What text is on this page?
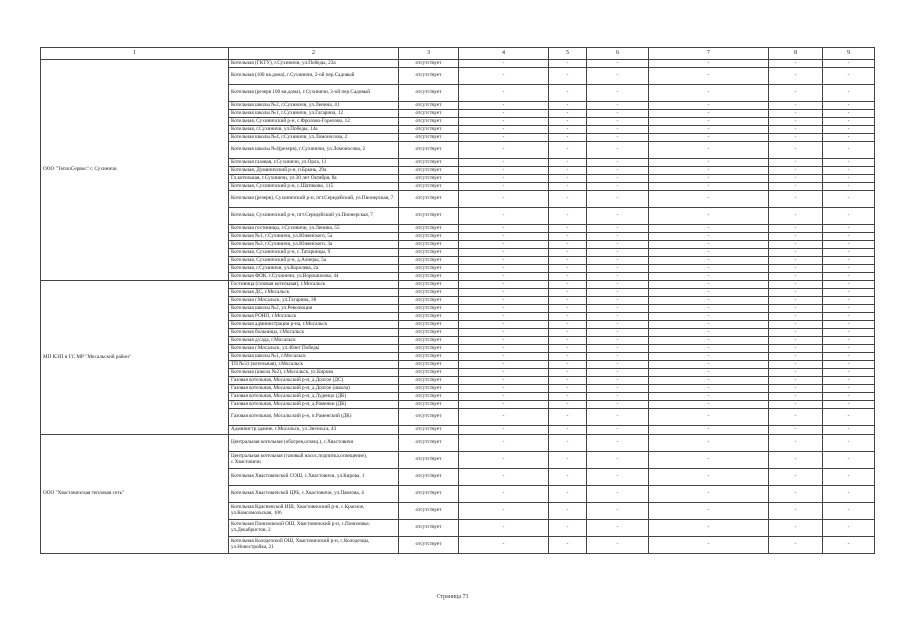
1	2	3	4	5	6	7	8	9
ООО "ТеплоСервис" г. Сухиничи	Котельная (ГКТУ), г.Сухиничи, ул.Победы, 23а	отсутствует	-	-	-	-	-	-
	Котельная (100 кв.дома), г.Сухиничи, 2-ой пер.Садовый	отсутствует	-	-	-	-	-	-
	Котельная (резерв 100 кв.дома), г.Сухиничи, 2-ой пер.Садовый	отсутствует	-	-	-	-	-	-
	Котельная школы №2, г.Сухиничи, ул.Ленина, 41	отсутствует	-	-	-	-	-	-
	Котельная школы №1, г.Сухиничи, ул.Гагарина, 12	отсутствует	-	-	-	-	-	-
	Котельная, Сухиничский р-н, с.Фролово-Горелово, 12	отсутствует	-	-	-	-	-	-
	Котельная, г.Сухиничи, ул.Победы, 14а	отсутствует	-	-	-	-	-	-
	Котельная школы №4, г.Сухиничи, ул.Ломоносова, 2	отсутствует	-	-	-	-	-	-
	Котельная школы №4(резерв), г.Сухиничи, ул.Ломоносова, 2	отсутствует	-	-	-	-	-	-
	Котельная газовая, г.Сухиничи, ул.Орла, 11	отсутствует	-	-	-	-	-	-
	Котельная, Думиничский р-н, п.Брынь, 29а	отсутствует	-	-	-	-	-	-
	Гл.котельная, г.Сухиничи, ул.30 лет Октября, 8а	отсутствует	-	-	-	-	-	-
	Котельная, Сухиничский р-н, с.Шатиково, 115	отсутствует	-	-	-	-	-	-
	Котельная (резерв), Сухиничский р-н, пгт.Середейский, ул.Пионерская, 7	отсутствует	-	-	-	-	-	-
	Котельная, Сухиничский р-н, пгт.Середейский ул.Пионерская, 7	отсутствует	-	-	-	-	-	-
	Котельная гостиницы, г.Сухиничи, ул.Ленина, 55	отсутствует	-	-	-	-	-	-
	Котельная №1, г.Сухиничи, ул.Юженского, 5а	отсутствует	-	-	-	-	-	-
	Котельная №2, г.Сухиничи, ул.Юженского, 3а	отсутствует	-	-	-	-	-	-
	Котельная, Сухиничский р-н, с.Татаринцы, 9	отсутствует	-	-	-	-	-	-
	Котельная, Сухиничский р-н, д.Алнеры, 5а	отсутствует	-	-	-	-	-	-
	Котельная, г.Сухиничи, ул.Королева, 2а	отсутствует	-	-	-	-	-	-
	Котельная ФОК, г.Сухиничи, ул.Ворошилова, 44	отсутствует	-	-	-	-	-	-
МП КЭП и ГС МР "Мосальский район"	Гостиница (газовая котельная), г.Мосальск	отсутствует	-	-	-	-	-	-
	Котельная ДС, г.Мосальск	отсутствует	-	-	-	-	-	-
	Котельная г.Мосальск, ул.Гагарина, 38	отсутствует	-	-	-	-	-	-
	Котельная школы №2, ул.Революции	отсутствует	-	-	-	-	-	-
	Котельная РОНО, г.Мосальск	отсутствует	-	-	-	-	-	-
	Котельная администрации р-на, г.Мосальск	отсутствует	-	-	-	-	-	-
	Котельная больницы, г.Мосальск	отсутствует	-	-	-	-	-	-
	Котельная д/сада, г.Мосальск	отсутствует	-	-	-	-	-	-
	Котельная г.Мосальск, ул.40лет Победы	отсутствует	-	-	-	-	-	-
	Котельная школы №1, г.Мосальск	отсутствует	-	-	-	-	-	-
	ТП №31 (котельная), г.Мосальск	отсутствует	-	-	-	-	-	-
	Котельная (школа №2), г.Мосальск, ул.Кирова	отсутствует	-	-	-	-	-	-
	Газовая котельная, Мосальский р-н, д.Долгое (ДС)	отсутствует	-	-	-	-	-	-
	Газовая котельная, Мосальский р-н, д.Долгое (школа)	отсутствует	-	-	-	-	-	-
	Газовая котельная, Мосальский р-н, д.Луденцо (ДК)	отсутствует	-	-	-	-	-	-
	Газовая котельная, Мосальский р-н, д.Раменки (ДК)	отсутствует	-	-	-	-	-	-
	Газовая котельная, Мосальский р-н, п.Раменский (ДК)	отсутствует	-	-	-	-	-	-
	Администр.здание, г.Мосальск, ул.Энгельса, 43	отсутствует	-	-	-	-	-	-
ООО "Хвастовичская тепловая сеть"	Центральная котельная (обогрев,освещ.), с.Хвастовичи	отсутствует	-	-	-	-	-	-
	Центральная котельная (газовый насос,подпитка,освещение), с.Хвастовичи	отсутствует	-	-	-	-	-	-
	Котельная Хвастовичской СОШ, с.Хвастовичи, ул.Кирова, 1	отсутствует	-	-	-	-	-	-
	Котельная Хвастовичской ЦРБ, с.Хвастовичи, ул.Павлова, 4	отсутствует	-	-	-	-	-	-
	Котельная Красненской ИШ, Хвастовичский р-н, с.Красное, ул.Комсомольская, 106	отсутствует	-	-	-	-	-	-
	Котельная Понизовской ОШ, Хвастовичский р-н, с.Понизовье, ул.Декабристов, 2	отсутствует	-	-	-	-	-	-
	Котельная Колодезской ОШ, Хвастовичский р-н, с.Колодезцы, ул.Новостройка, 21	отсутствует	-	-	-	-	-	-
Страница 73
